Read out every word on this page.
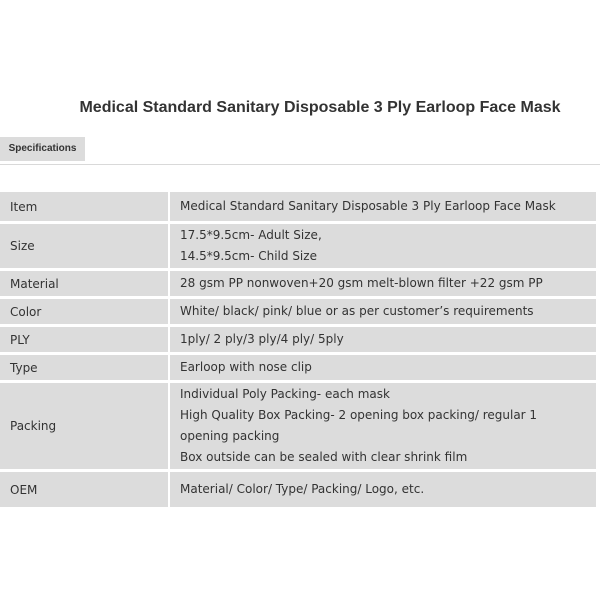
Medical Standard Sanitary Disposable 3 Ply Earloop Face Mask
Specifications
Item	Medical Standard Sanitary Disposable 3 Ply Earloop Face Mask

Size	17.5*9.5cm- Adult Size,
14.5*9.5cm- Child Size

Material	28 gsm PP nonwoven+20 gsm melt-blown filter +22 gsm PP

Color	White/ black/ pink/ blue or as per customer’s requirements

PLY	1ply/ 2 ply/3 ply/4 ply/ 5ply

Type	Earloop with nose clip

Packing	Individual Poly Packing- each mask
High Quality Box Packing- 2 opening box packing/ regular 1
opening packing
Box outside can be sealed with clear shrink film

OEM	Material/ Color/ Type/ Packing/ Logo, etc.
